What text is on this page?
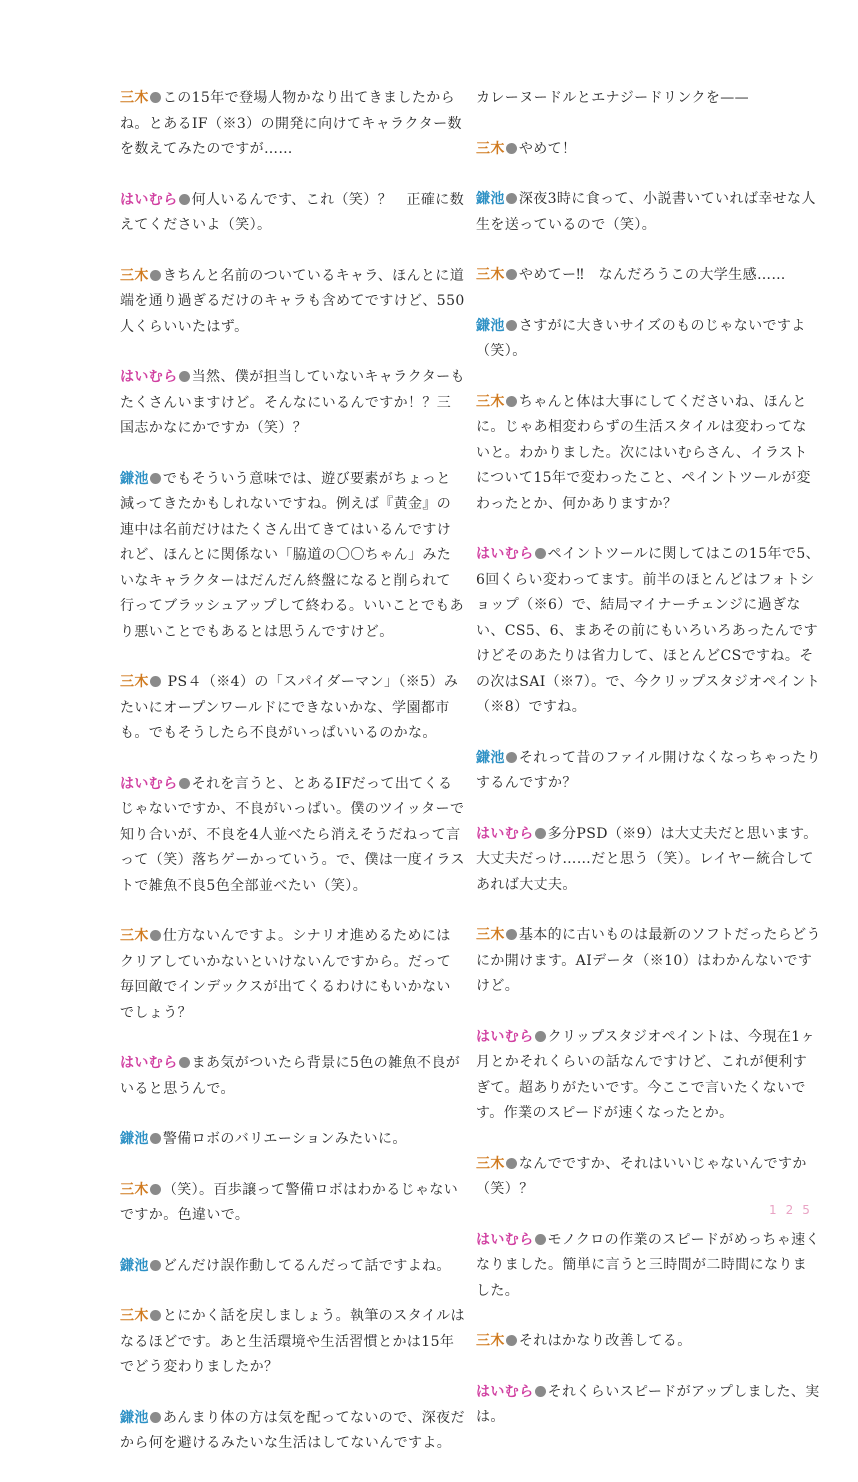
三木 この15年で登場人物かなり出てきましたからね。とあるIF（※3）の開発に向けてキャラクター数を数えてみたのですが……

はいむら 何人いるんです、これ（笑）？　正確に数えてくださいよ（笑）。

三木 きちんと名前のついているキャラ、ほんとに道端を通り過ぎるだけのキャラも含めてですけど、550人くらいいたはず。

はいむら 当然、僕が担当していないキャラクターもたくさんいますけど。そんなにいるんですか！？三国志かなにかですか（笑）？

鎌池 でもそういう意味では、遊び要素がちょっと減ってきたかもしれないですね。例えば『黄金』の連中は名前だけはたくさん出てきてはいるんですけれど、ほんとに関係ない「脇道の〇〇ちゃん」みたいなキャラクターはだんだん終盤になると削られて行ってブラッシュアップして終わる。いいことでもあり悪いことでもあるとは思うんですけど。

三木 PS４（※4）の「スパイダーマン」（※5）みたいにオープンワールドにできないかな、学園都市も。でもそうしたら不良がいっぱいいるのかな。

はいむら それを言うと、とあるIFだって出てくるじゃないですか、不良がいっぱい。僕のツイッターで知り合いが、不良を4人並べたら消えそうだねって言って（笑）落ちゲーかっていう。で、僕は一度イラストで雑魚不良5色全部並べたい（笑）。

三木 仕方ないんですよ。シナリオ進めるためにはクリアしていかないといけないんですから。だって毎回敵でインデックスが出てくるわけにもいかないでしょう？

はいむら まあ気がついたら背景に5色の雑魚不良がいると思うんで。

鎌池 警備ロボのバリエーションみたいに。

三木 （笑）。百歩譲って警備ロボはわかるじゃないですか。色違いで。

鎌池 どんだけ誤作動してるんだって話ですよね。

三木 とにかく話を戻しましょう。執筆のスタイルはなるほどです。あと生活環境や生活習慣とかは15年でどう変わりましたか？

鎌池 あんまり体の方は気を配ってないので、深夜だから何を避けるみたいな生活はしてないんですよ。

カレーヌードルとエナジードリンクを——

三木 やめて！

鎌池 深夜3時に食って、小説書いていれば幸せな人生を送っているので（笑）。

三木 やめてー‼　なんだろうこの大学生感……

鎌池 さすがに大きいサイズのものじゃないですよ（笑）。

三木 ちゃんと体は大事にしてくださいね、ほんとに。じゃあ相変わらずの生活スタイルは変わってないと。わかりました。次にはいむらさん、イラストについて15年で変わったこと、ペイントツールが変わったとか、何かありますか？

はいむら ペイントツールに関してはこの15年で5、6回くらい変わってます。前半のほとんどはフォトショップ（※6）で、結局マイナーチェンジに過ぎない、CS5、6、まあその前にもいろいろあったんですけどそのあたりは省力して、ほとんどCSですね。その次はSAI（※7）。で、今クリップスタジオペイント（※8）ですね。

鎌池 それって昔のファイル開けなくなっちゃったりするんですか？

はいむら 多分PSD（※9）は大丈夫だと思います。大丈夫だっけ……だと思う（笑）。レイヤー統合してあれば大丈夫。

三木 基本的に古いものは最新のソフトだったらどうにか開けます。AIデータ（※10）はわかんないですけど。

はいむら クリップスタジオペイントは、今現在1ヶ月とかそれくらいの話なんですけど、これが便利すぎて。超ありがたいです。今ここで言いたくないです。作業のスピードが速くなったとか。

三木 なんでですか、それはいいじゃないんですか（笑）？

はいむら モノクロの作業のスピードがめっちゃ速くなりました。簡単に言うと三時間が二時間になりました。

三木 それはかなり改善してる。

はいむら それくらいスピードがアップしました、実は。

125
